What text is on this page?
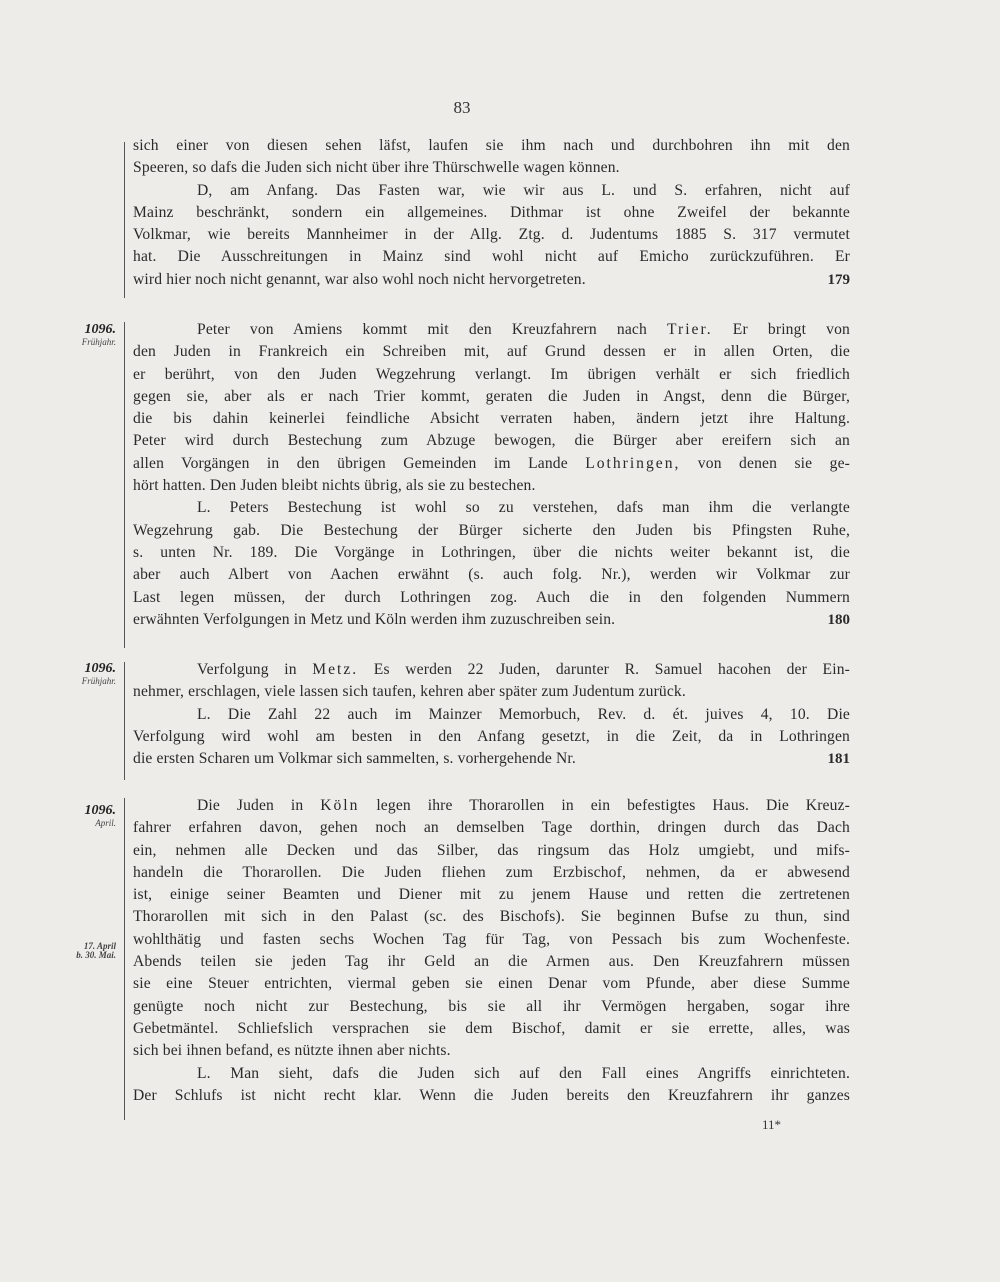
83
1096.
Frühjahr.
1096.
Frühjahr.
1096.
April.
17. April
b. 30. Mai.
sich einer von diesen sehen läfst, laufen sie ihm nach und durchbohren ihn mit den
Speeren, so dafs die Juden sich nicht über ihre Thürschwelle wagen können.
D, am Anfang. Das Fasten war, wie wir aus L. und S. erfahren, nicht auf
Mainz beschränkt, sondern ein allgemeines. Dithmar ist ohne Zweifel der bekannte
Volkmar, wie bereits Mannheimer in der Allg. Ztg. d. Judentums 1885 S. 317 vermutet
hat. Die Ausschreitungen in Mainz sind wohl nicht auf Emicho zurückzuführen. Er
wird hier noch nicht genannt, war also wohl noch nicht hervorgetreten.	179
Peter von Amiens kommt mit den Kreuzfahrern nach Trier. Er bringt von
den Juden in Frankreich ein Schreiben mit, auf Grund dessen er in allen Orten, die
er berührt, von den Juden Wegzehrung verlangt. Im übrigen verhält er sich friedlich
gegen sie, aber als er nach Trier kommt, geraten die Juden in Angst, denn die Bürger,
die bis dahin keinerlei feindliche Absicht verraten haben, ändern jetzt ihre Haltung.
Peter wird durch Bestechung zum Abzuge bewogen, die Bürger aber ereifern sich an
allen Vorgängen in den übrigen Gemeinden im Lande Lothringen, von denen sie ge-
hört hatten. Den Juden bleibt nichts übrig, als sie zu bestechen.
L. Peters Bestechung ist wohl so zu verstehen, dafs man ihm die verlangte
Wegzehrung gab. Die Bestechung der Bürger sicherte den Juden bis Pfingsten Ruhe,
s. unten Nr. 189. Die Vorgänge in Lothringen, über die nichts weiter bekannt ist, die
aber auch Albert von Aachen erwähnt (s. auch folg. Nr.), werden wir Volkmar zur
Last legen müssen, der durch Lothringen zog. Auch die in den folgenden Nummern
erwähnten Verfolgungen in Metz und Köln werden ihm zuzuschreiben sein.	180
Verfolgung in Metz. Es werden 22 Juden, darunter R. Samuel hacohen der Ein-
nehmer, erschlagen, viele lassen sich taufen, kehren aber später zum Judentum zurück.
L. Die Zahl 22 auch im Mainzer Memorbuch, Rev. d. ét. juives 4, 10. Die
Verfolgung wird wohl am besten in den Anfang gesetzt, in die Zeit, da in Lothringen
die ersten Scharen um Volkmar sich sammelten, s. vorhergehende Nr.	181
Die Juden in Köln legen ihre Thorarollen in ein befestigtes Haus. Die Kreuz-
fahrer erfahren davon, gehen noch an demselben Tage dorthin, dringen durch das Dach
ein, nehmen alle Decken und das Silber, das ringsum das Holz umgiebt, und mifs-
handeln die Thorarollen. Die Juden fliehen zum Erzbischof, nehmen, da er abwesend
ist, einige seiner Beamten und Diener mit zu jenem Hause und retten die zertretenen
Thorarollen mit sich in den Palast (sc. des Bischofs). Sie beginnen Bufse zu thun, sind
wohlthätig und fasten sechs Wochen Tag für Tag, von Pessach bis zum Wochenfeste.
Abends teilen sie jeden Tag ihr Geld an die Armen aus. Den Kreuzfahrern müssen
sie eine Steuer entrichten, viermal geben sie einen Denar vom Pfunde, aber diese Summe
genügte noch nicht zur Bestechung, bis sie all ihr Vermögen hergaben, sogar ihre
Gebetmäntel. Schliefslich versprachen sie dem Bischof, damit er sie errette, alles, was
sich bei ihnen befand, es nützte ihnen aber nichts.
L. Man sieht, dafs die Juden sich auf den Fall eines Angriffs einrichteten.
Der Schlufs ist nicht recht klar. Wenn die Juden bereits den Kreuzfahrern ihr ganzes
11*
